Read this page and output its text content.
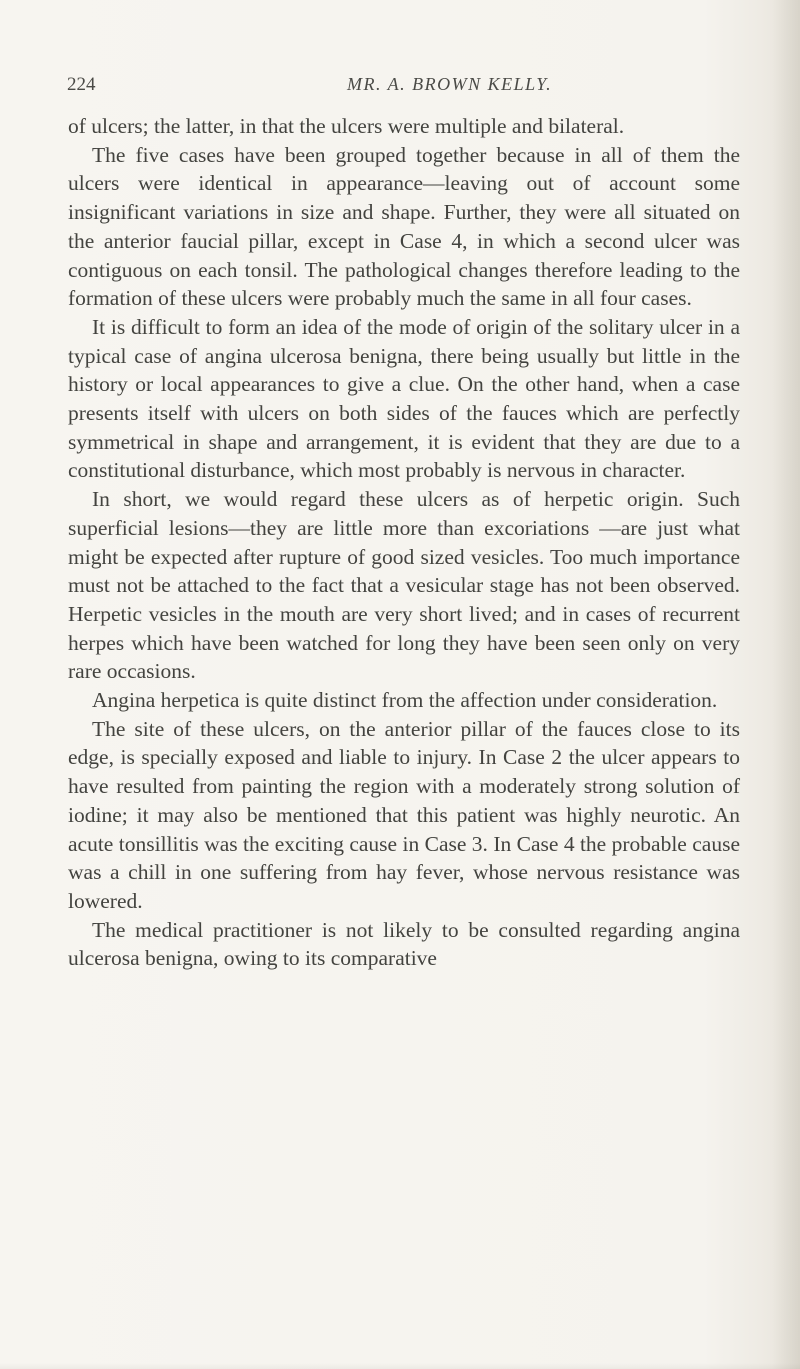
224	MR. A. BROWN KELLY.

of ulcers; the latter, in that the ulcers were multiple and bilateral.

The five cases have been grouped together because in all of them the ulcers were identical in appearance—leaving out of account some insignificant variations in size and shape. Further, they were all situated on the anterior faucial pillar, except in Case 4, in which a second ulcer was contiguous on each tonsil. The pathological changes therefore leading to the formation of these ulcers were probably much the same in all four cases.

It is difficult to form an idea of the mode of origin of the solitary ulcer in a typical case of angina ulcerosa benigna, there being usually but little in the history or local appearances to give a clue. On the other hand, when a case presents itself with ulcers on both sides of the fauces which are perfectly symmetrical in shape and arrangement, it is evident that they are due to a constitutional disturbance, which most probably is nervous in character.

In short, we would regard these ulcers as of herpetic origin. Such superficial lesions—they are little more than excoriations —are just what might be expected after rupture of good sized vesicles. Too much importance must not be attached to the fact that a vesicular stage has not been observed. Herpetic vesicles in the mouth are very short lived; and in cases of recurrent herpes which have been watched for long they have been seen only on very rare occasions.

Angina herpetica is quite distinct from the affection under consideration.

The site of these ulcers, on the anterior pillar of the fauces close to its edge, is specially exposed and liable to injury. In Case 2 the ulcer appears to have resulted from painting the region with a moderately strong solution of iodine; it may also be mentioned that this patient was highly neurotic. An acute tonsillitis was the exciting cause in Case 3. In Case 4 the probable cause was a chill in one suffering from hay fever, whose nervous resistance was lowered.

The medical practitioner is not likely to be consulted regarding angina ulcerosa benigna, owing to its comparative
